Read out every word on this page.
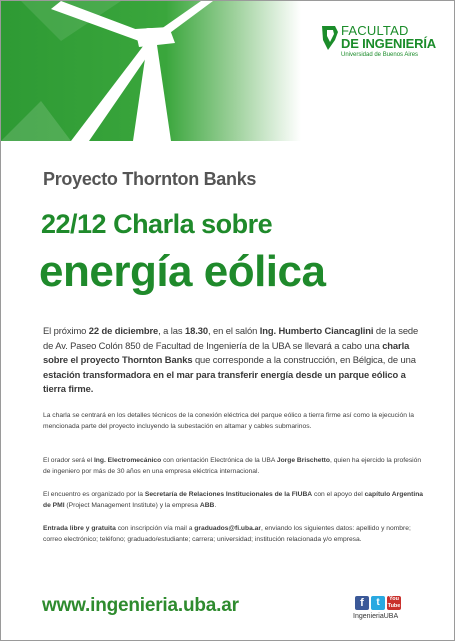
FACULTAD
DE INGENIERÍA
Universidad de Buenos Aires
Proyecto Thornton Banks
22/12 Charla sobre
energía eólica
El próximo 22 de diciembre, a las 18.30, en el salón Ing. Humberto Ciancaglini de la sede de Av. Paseo Colón 850 de Facultad de Ingeniería de la UBA se llevará a cabo una charla sobre el proyecto Thornton Banks que corresponde a la construcción, en Bélgica, de una estación transformadora en el mar para transferir energía desde un parque eólico a tierra firme.
La charla se centrará en los detalles técnicos de la conexión eléctrica del parque eólico a tierra firme así como la ejecución la mencionada parte del proyecto incluyendo la subestación en altamar y cables submarinos.
El orador será el Ing. Electromecánico con orientación Electrónica de la UBA Jorge Brischetto, quien ha ejercido la profesión de ingeniero por más de 30 años en una empresa eléctrica internacional.
El encuentro es organizado por la Secretaría de Relaciones Institucionales de la FIUBA con el apoyo del capítulo Argentina de PMI (Project Management Institute) y la empresa ABB.
Entrada libre y gratuita con inscripción vía mail a graduados@fi.uba.ar, enviando los siguientes datos: apellido y nombre; correo electrónico; teléfono; graduado/estudiante; carrera; universidad; institución relacionada y/o empresa.
www.ingenieria.uba.ar	f	t	You
Tube
IngenieriaUBA
